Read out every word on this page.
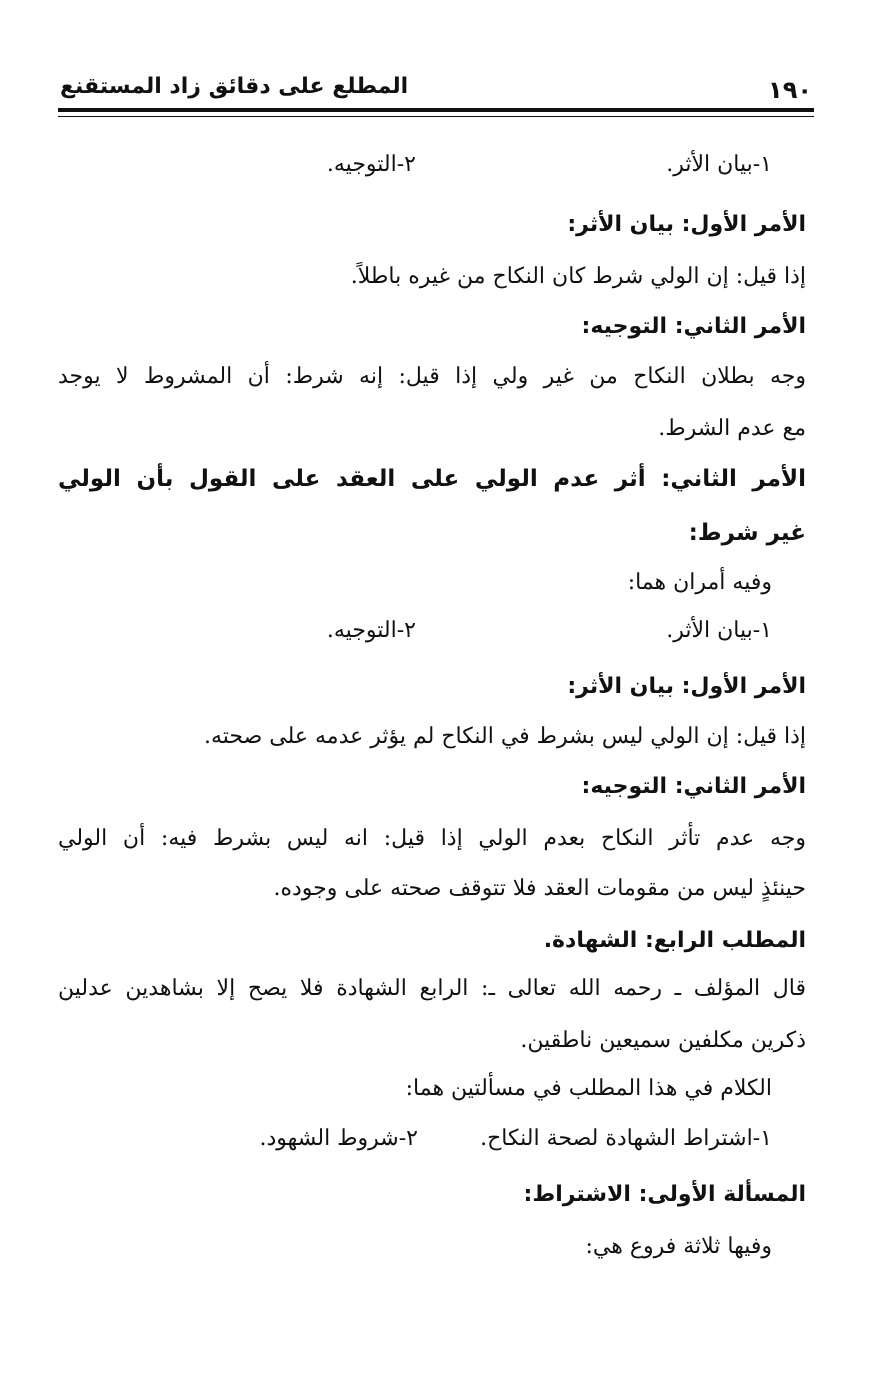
١٩٠
المطلع على دقائق زاد المستقنع
١-بيان الأثر.
٢-التوجيه.
الأمر الأول: بيان الأثر:
إذا قيل: إن الولي شرط كان النكاح من غيره باطلاً.
الأمر الثاني: التوجيه:
وجه بطلان النكاح من غير ولي إذا قيل: إنه شرط: أن المشروط لا يوجد
مع عدم الشرط.
الأمر الثاني: أثر عدم الولي على العقد على القول بأن الولي
غير شرط:
وفيه أمران هما:
١-بيان الأثر.
٢-التوجيه.
الأمر الأول: بيان الأثر:
إذا قيل: إن الولي ليس بشرط في النكاح لم يؤثر عدمه على صحته.
الأمر الثاني: التوجيه:
وجه عدم تأثر النكاح بعدم الولي إذا قيل: انه ليس بشرط فيه: أن الولي
حينئذٍ ليس من مقومات العقد فلا تتوقف صحته على وجوده.
المطلب الرابع: الشهادة.
قال المؤلف ـ رحمه الله تعالى ـ: الرابع الشهادة فلا يصح إلا بشاهدين عدلين
ذكرين مكلفين سميعين ناطقين.
الكلام في هذا المطلب في مسألتين هما:
١-اشتراط الشهادة لصحة النكاح.
٢-شروط الشهود.
المسألة الأولى: الاشتراط:
وفيها ثلاثة فروع هي:
